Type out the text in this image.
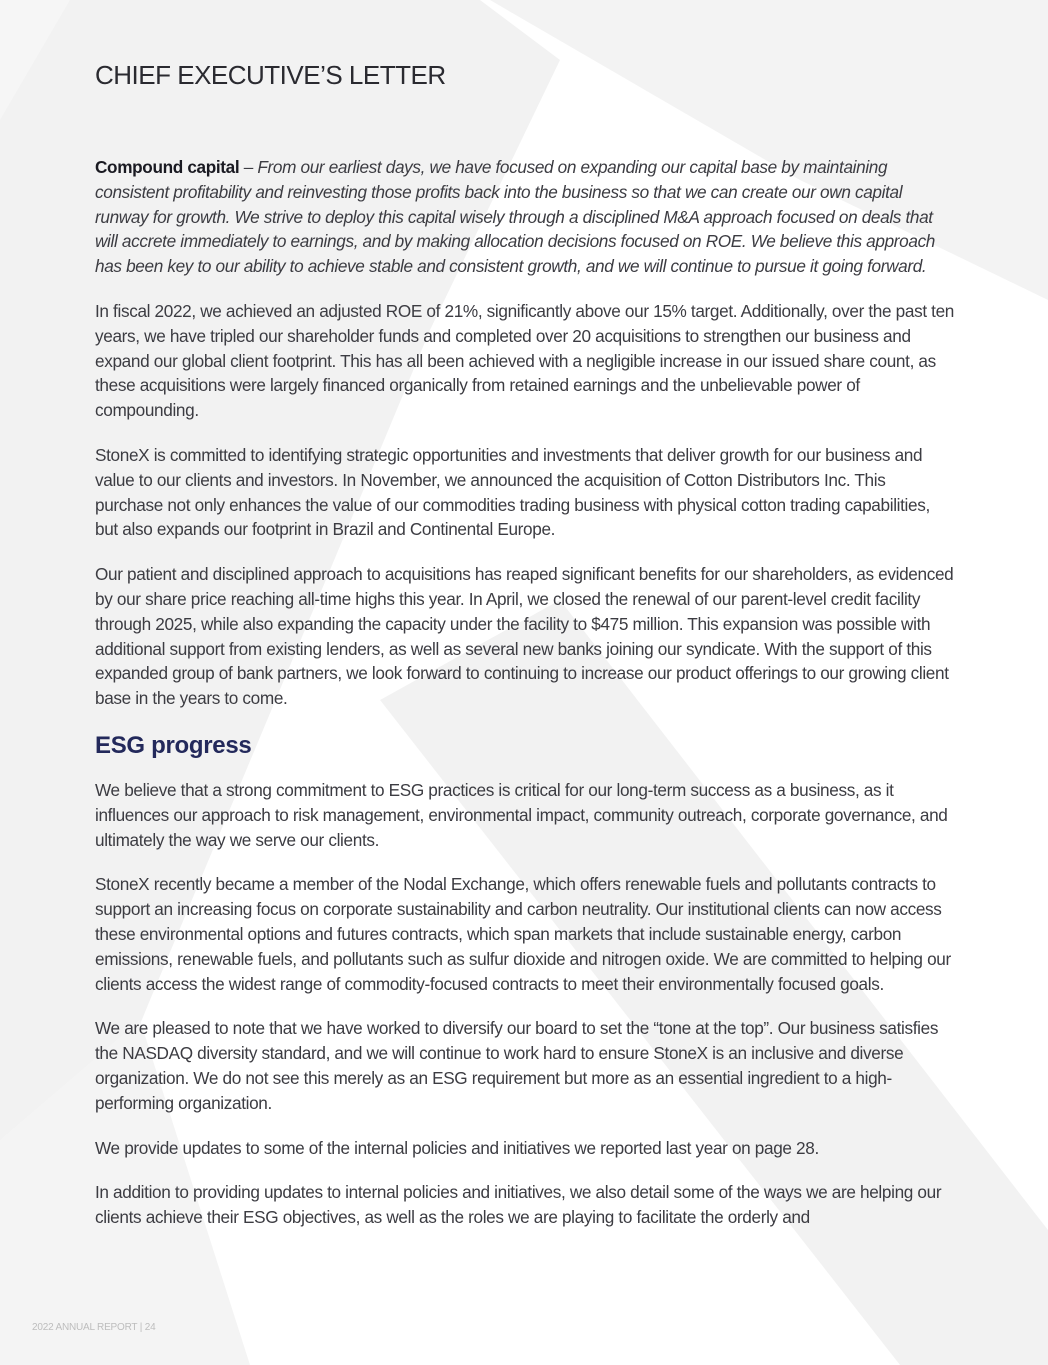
CHIEF EXECUTIVE’S LETTER

Compound capital – From our earliest days, we have focused on expanding our capital base by maintaining consistent profitability and reinvesting those profits back into the business so that we can create our own capital runway for growth. We strive to deploy this capital wisely through a disciplined M&A approach focused on deals that will accrete immediately to earnings, and by making allocation decisions focused on ROE. We believe this approach has been key to our ability to achieve stable and consistent growth, and we will continue to pursue it going forward.

In fiscal 2022, we achieved an adjusted ROE of 21%, significantly above our 15% target. Additionally, over the past ten years, we have tripled our shareholder funds and completed over 20 acquisitions to strengthen our business and expand our global client footprint. This has all been achieved with a negligible increase in our issued share count, as these acquisitions were largely financed organically from retained earnings and the unbelievable power of compounding.

StoneX is committed to identifying strategic opportunities and investments that deliver growth for our business and value to our clients and investors. In November, we announced the acquisition of Cotton Distributors Inc. This purchase not only enhances the value of our commodities trading business with physical cotton trading capabilities, but also expands our footprint in Brazil and Continental Europe.

Our patient and disciplined approach to acquisitions has reaped significant benefits for our shareholders, as evidenced by our share price reaching all-time highs this year. In April, we closed the renewal of our parent-level credit facility through 2025, while also expanding the capacity under the facility to $475 million. This expansion was possible with additional support from existing lenders, as well as several new banks joining our syndicate. With the support of this expanded group of bank partners, we look forward to continuing to increase our product offerings to our growing client base in the years to come.

ESG progress

We believe that a strong commitment to ESG practices is critical for our long-term success as a business, as it influences our approach to risk management, environmental impact, community outreach, corporate governance, and ultimately the way we serve our clients.

StoneX recently became a member of the Nodal Exchange, which offers renewable fuels and pollutants contracts to support an increasing focus on corporate sustainability and carbon neutrality. Our institutional clients can now access these environmental options and futures contracts, which span markets that include sustainable energy, carbon emissions, renewable fuels, and pollutants such as sulfur dioxide and nitrogen oxide. We are committed to helping our clients access the widest range of commodity-focused contracts to meet their environmentally focused goals.

We are pleased to note that we have worked to diversify our board to set the “tone at the top”. Our business satisfies the NASDAQ diversity standard, and we will continue to work hard to ensure StoneX is an inclusive and diverse organization. We do not see this merely as an ESG requirement but more as an essential ingredient to a high-performing organization.

We provide updates to some of the internal policies and initiatives we reported last year on page 28.

In addition to providing updates to internal policies and initiatives, we also detail some of the ways we are helping our clients achieve their ESG objectives, as well as the roles we are playing to facilitate the orderly and

2022 ANNUAL REPORT | 24
